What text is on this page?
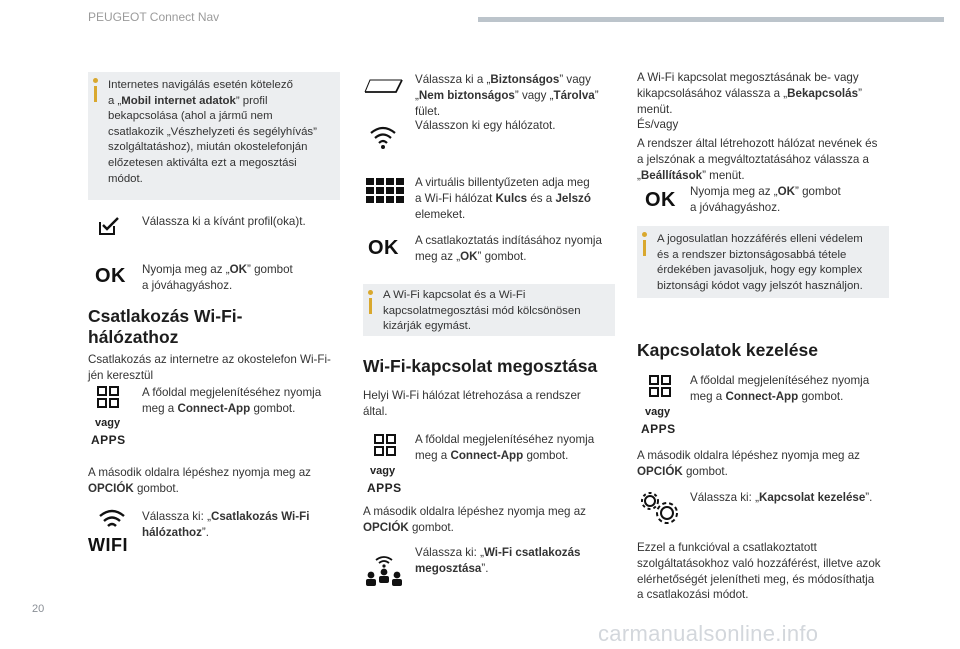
PEUGEOT Connect Nav
20
carmanualsonline.info
Internetes navigálás esetén kötelező
a „Mobil internet adatok” profil
bekapcsolása (ahol a jármű nem
csatlakozik „Vészhelyzeti és segélyhívás”
szolgáltatáshoz), miután okostelefonján
előzetesen aktiválta ezt a megosztási
módot.
Válassza ki a kívánt profil(oka)t.
OK Nyomja meg az „OK” gombot
a jóváhagyáshoz.
Csatlakozás Wi-Fi-
hálózathoz
Csatlakozás az internetre az okostelefon Wi-Fi-
jén keresztül
vagy
APPS
A főoldal megjelenítéséhez nyomja
meg a Connect-App gombot.
A második oldalra lépéshez nyomja meg az
OPCIÓK gombot.
WIFI
Válassza ki: „Csatlakozás Wi-Fi
hálózathoz”.
Válassza ki a „Biztonságos” vagy
„Nem biztonságos” vagy „Tárolva”
fület.
Válasszon ki egy hálózatot.
A virtuális billentyűzeten adja meg
a Wi-Fi hálózat Kulcs és a Jelszó
elemeket.
OK A csatlakoztatás indításához nyomja
meg az „OK” gombot.
A Wi-Fi kapcsolat és a Wi-Fi
kapcsolatmegosztási mód kölcsönösen
kizárják egymást.
Wi-Fi-kapcsolat megosztása
Helyi Wi-Fi hálózat létrehozása a rendszer
által.
vagy
APPS
A főoldal megjelenítéséhez nyomja
meg a Connect-App gombot.
A második oldalra lépéshez nyomja meg az
OPCIÓK gombot.
Válassza ki: „Wi-Fi csatlakozás
megosztása”.
A Wi-Fi kapcsolat megosztásának be- vagy
kikapcsolásához válassza a „Bekapcsolás”
menüt.
És/vagy
A rendszer által létrehozott hálózat nevének és
a jelszónak a megváltoztatásához válassza a
„Beállítások” menüt.
OK Nyomja meg az „OK” gombot
a jóváhagyáshoz.
A jogosulatlan hozzáférés elleni védelem
és a rendszer biztonságosabbá tétele
érdekében javasoljuk, hogy egy komplex
biztonsági kódot vagy jelszót használjon.
Kapcsolatok kezelése
vagy
APPS
A főoldal megjelenítéséhez nyomja
meg a Connect-App gombot.
A második oldalra lépéshez nyomja meg az
OPCIÓK gombot.
Válassza ki: „Kapcsolat kezelése”.
Ezzel a funkcióval a csatlakoztatott
szolgáltatásokhoz való hozzáférést, illetve azok
elérhetőségét jelenítheti meg, és módosíthatja
a csatlakozási módot.
